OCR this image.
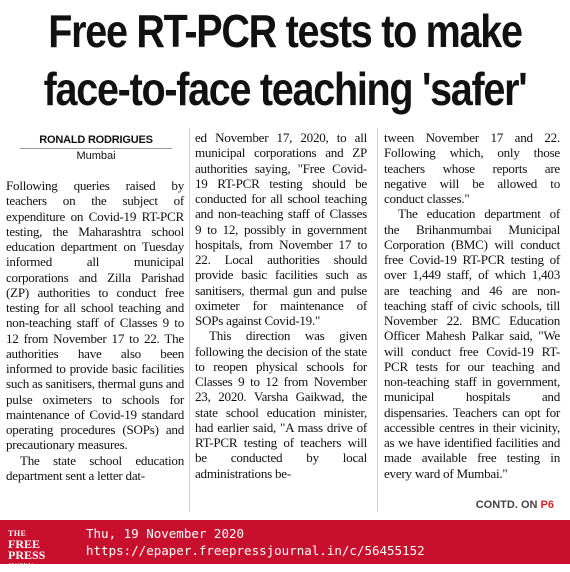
Free RT-PCR tests to make
face-to-face teaching 'safer'
RONALD RODRIGUES
Mumbai

Following queries raised by teachers on the subject of expenditure on Covid-19 RT-PCR testing, the Maharashtra school education department on Tuesday informed all municipal corporations and Zilla Parishad (ZP) authorities to conduct free testing for all school teaching and non-teaching staff of Classes 9 to 12 from November 17 to 22. The authorities have also been informed to provide basic facilities such as sanitisers, thermal guns and pulse oximeters to schools for maintenance of Covid-19 standard operating procedures (SOPs) and precautionary measures.

The state school education department sent a letter dat-

ed November 17, 2020, to all municipal corporations and ZP authorities saying, "Free Covid-19 RT-PCR testing should be conducted for all school teaching and non-teaching staff of Classes 9 to 12, possibly in government hospitals, from November 17 to 22. Local authorities should provide basic facilities such as sanitisers, thermal gun and pulse oximeter for maintenance of SOPs against Covid-19."

This direction was given following the decision of the state to reopen physical schools for Classes 9 to 12 from November 23, 2020. Varsha Gaikwad, the state school education minister, had earlier said, "A mass drive of RT-PCR testing of teachers will be conducted by local administrations be-

tween November 17 and 22. Following which, only those teachers whose reports are negative will be allowed to conduct classes."

The education department of the Brihanmumbai Municipal Corporation (BMC) will conduct free Covid-19 RT-PCR testing of over 1,449 staff, of which 1,403 are teaching and 46 are non-teaching staff of civic schools, till November 22. BMC Education Officer Mahesh Palkar said, "We will conduct free Covid-19 RT-PCR tests for our teaching and non-teaching staff in government, municipal hospitals and dispensaries. Teachers can opt for accessible centres in their vicinity, as we have identified facilities and made available free testing in every ward of Mumbai."

CONTD. ON P6
THE
FREE PRESS
JOURNAL
Thu, 19 November 2020
https://epaper.freepressjournal.in/c/56455152
